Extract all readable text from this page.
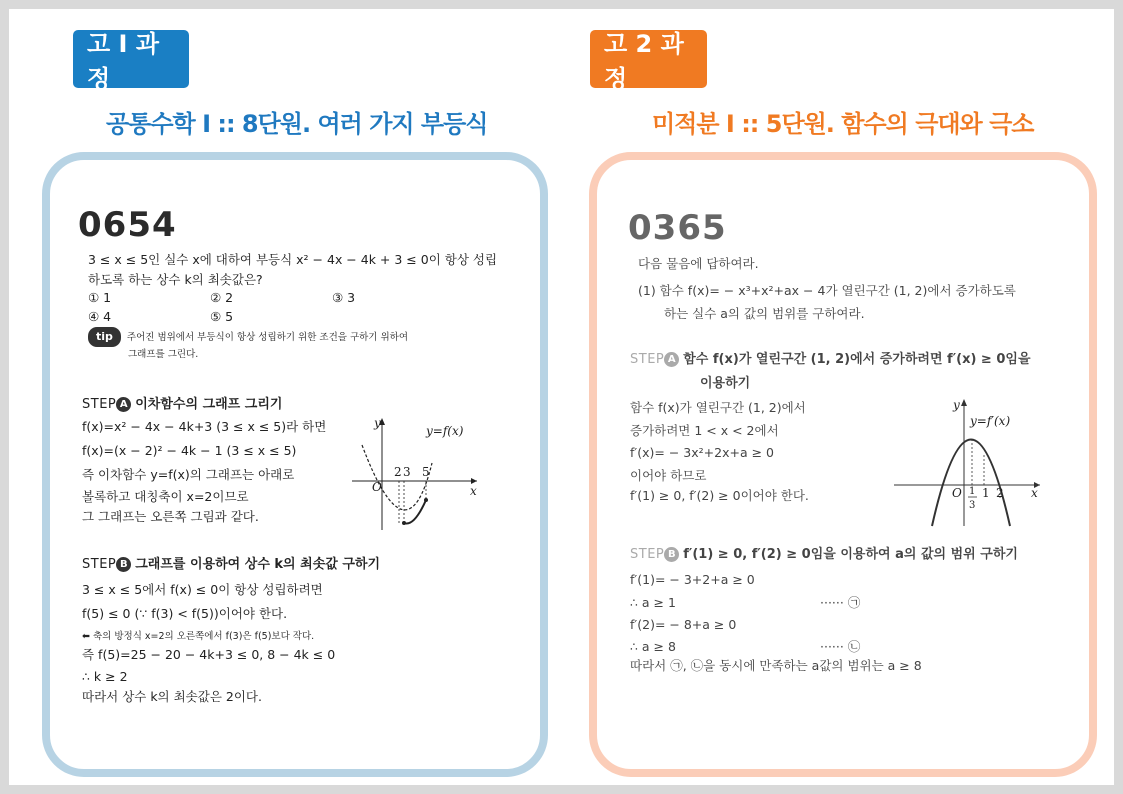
고 I 과정
고 2 과정
공통수학 I :: 8단원. 여러 가지 부등식	미적분 I :: 5단원. 함수의 극대와 극소
0654
3 ≤ x ≤ 5인 실수 x에 대하여 부등식 x² − 4x − 4k + 3 ≤ 0이 항상 성립
하도록 하는 상수 k의 최솟값은?
① 1	② 2	③ 3
④ 4	⑤ 5
tip 주어진 범위에서 부등식이 항상 성립하기 위한 조건을 구하기 위하여
그래프를 그린다.
STEP A 이차함수의 그래프 그리기
f(x)=x² − 4x − 4k+3 (3 ≤ x ≤ 5)라 하면
f(x)=(x − 2)² − 4k − 1 (3 ≤ x ≤ 5)
즉 이차함수 y=f(x)의 그래프는 아래로
볼록하고 대칭축이 x=2이므로
그 그래프는 오른쪽 그림과 같다.
O
y
x
y=f(x)
2 3 5
STEP B 그래프를 이용하여 상수 k의 최솟값 구하기
3 ≤ x ≤ 5에서 f(x) ≤ 0이 항상 성립하려면
f(5) ≤ 0 (∵ f(3) < f(5))이어야 한다.
⬅ 축의 방정식 x=2의 오른쪽에서 f(3)은 f(5)보다 작다.
즉 f(5)=25 − 20 − 4k+3 ≤ 0, 8 − 4k ≤ 0
∴ k ≥ 2
따라서 상수 k의 최솟값은 2이다.
0365
다음 물음에 답하여라.
(1) 함수 f(x)= − x³+x²+ax − 4가 열린구간 (1, 2)에서 증가하도록
하는 실수 a의 값의 범위를 구하여라.
STEP A 함수 f(x)가 열린구간 (1, 2)에서 증가하려면 f′(x) ≥ 0임을
이용하기
함수 f(x)가 열린구간 (1, 2)에서
증가하려면 1 < x < 2에서
f′(x)= − 3x²+2x+a ≥ 0
이어야 하므로
f′(1) ≥ 0, f′(2) ≥ 0이어야 한다.	O
y
x
y=f′(x)
1
3
1 2
STEP B f′(1) ≥ 0, f′(2) ≥ 0임을 이용하여 a의 값의 범위 구하기
f′(1)= − 3+2+a ≥ 0
∴ a ≥ 1	······ ㉠
f′(2)= − 8+a ≥ 0
∴ a ≥ 8	······ ㉡
따라서 ㉠, ㉡을 동시에 만족하는 a값의 범위는 a ≥ 8
